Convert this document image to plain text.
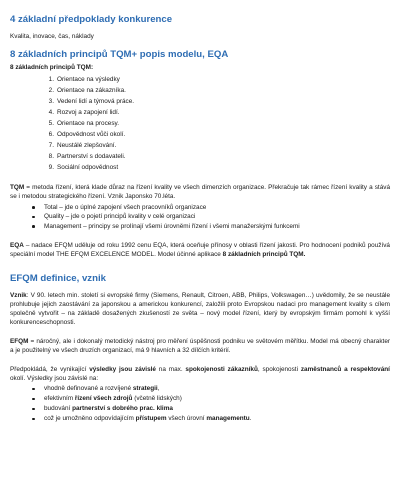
4 základní předpoklady konkurence

Kvalita, inovace, čas, náklady

8 základních principů TQM+ popis modelu, EQA

8 základních principů TQM:

1. Orientace na výsledky
2. Orientace na zákazníka.
3. Vedení lidí a týmová práce.
4. Rozvoj a zapojení lidí.
5. Orientace na procesy.
6. Odpovědnost vůči okolí.
7. Neustálé zlepšování.
8. Partnerství s dodavateli.
9. Sociální odpovědnost

TQM = metoda řízení, která klade důraz na řízení kvality ve všech dimenzích organizace. Překračuje tak rámec řízení kvality a stává se i metodou strategického řízení. Vznik Japonsko 70.léta.

Total – jde o úplné zapojení všech pracovníků organizace
Quality – jde o pojetí principů kvality v celé organizaci
Management – principy se prolínají všemi úrovněmi řízení i všemi manažerskými funkcemi

EQA – nadace EFQM uděluje od roku 1992 cenu EQA, která oceňuje přínosy v oblasti řízení jakosti. Pro hodnocení podniků používá speciální model THE EFQM EXCELENCE MODEL. Model účinné aplikace 8 základních principů TQM.

EFQM definice, vznik

Vznik: V 90. letech min. století si evropské firmy (Siemens, Renault, Citroen, ABB, Philips, Volkswagen…) uvědomily, že se neustále prohlubuje jejich zaostávání za japonskou a americkou konkurencí, založili proto Evropskou nadaci pro management kvality s cílem společně vytvořit – na základě dosažených zkušeností ze světa – nový model řízení, který by evropským firmám pomohl k vyšší konkurenceschopnosti.

EFQM = náročný, ale i dokonalý metodický nástroj pro měření úspěšnosti podniku ve světovém měřítku. Model má obecný charakter a je použitelný ve všech druzích organizací, má 9 hlavních a 32 dílčích kritérií.

Předpokládá, že vynikající výsledky jsou závislé na max. spokojenosti zákazníků, spokojenosti zaměstnanců a respektování okolí. Výsledky jsou závislé na:

vhodně definované a rozvíjené strategii,
efektivním řízení všech zdrojů (včetně lidských)
budování partnerství s dobrého prac. klima
což je umožněno odpovídajícím přístupem všech úrovní managementu.
